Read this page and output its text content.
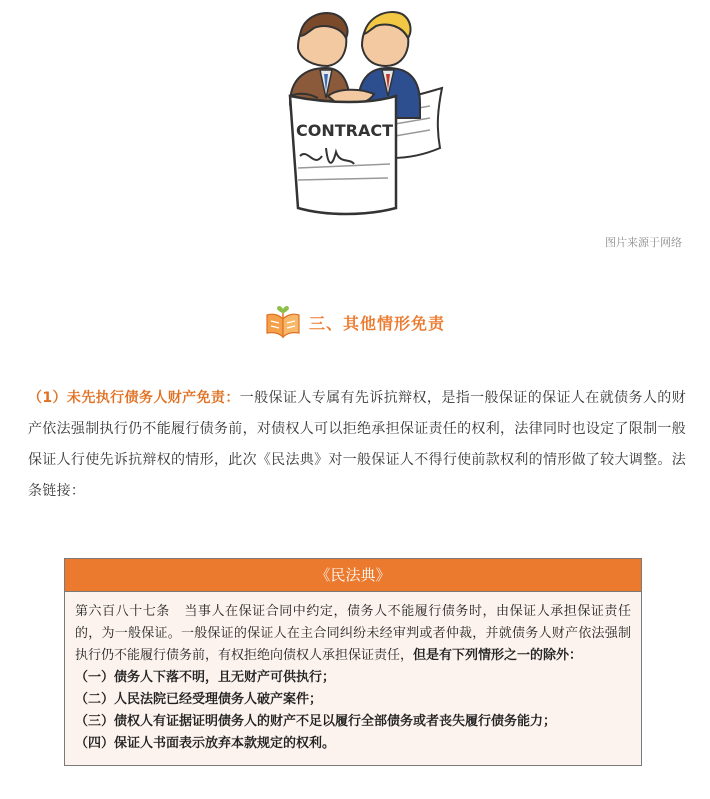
CONTRACT
图片来源于网络
三、其他情形免责
（1）未先执行债务人财产免责：一般保证人专属有先诉抗辩权，是指一般保证的保证人在就债务人的财产依法强制执行仍不能履行债务前，对债权人可以拒绝承担保证责任的权利，法律同时也设定了限制一般保证人行使先诉抗辩权的情形，此次《民法典》对一般保证人不得行使前款权利的情形做了较大调整。法条链接：
《民法典》
第六百八十七条 当事人在保证合同中约定，债务人不能履行债务时，由保证人承担保证责任的，为一般保证。一般保证的保证人在主合同纠纷未经审判或者仲裁，并就债务人财产依法强制执行仍不能履行债务前，有权拒绝向债权人承担保证责任，但是有下列情形之一的除外：
（一）债务人下落不明，且无财产可供执行；
（二）人民法院已经受理债务人破产案件；
（三）债权人有证据证明债务人的财产不足以履行全部债务或者丧失履行债务能力；
（四）保证人书面表示放弃本款规定的权利。
